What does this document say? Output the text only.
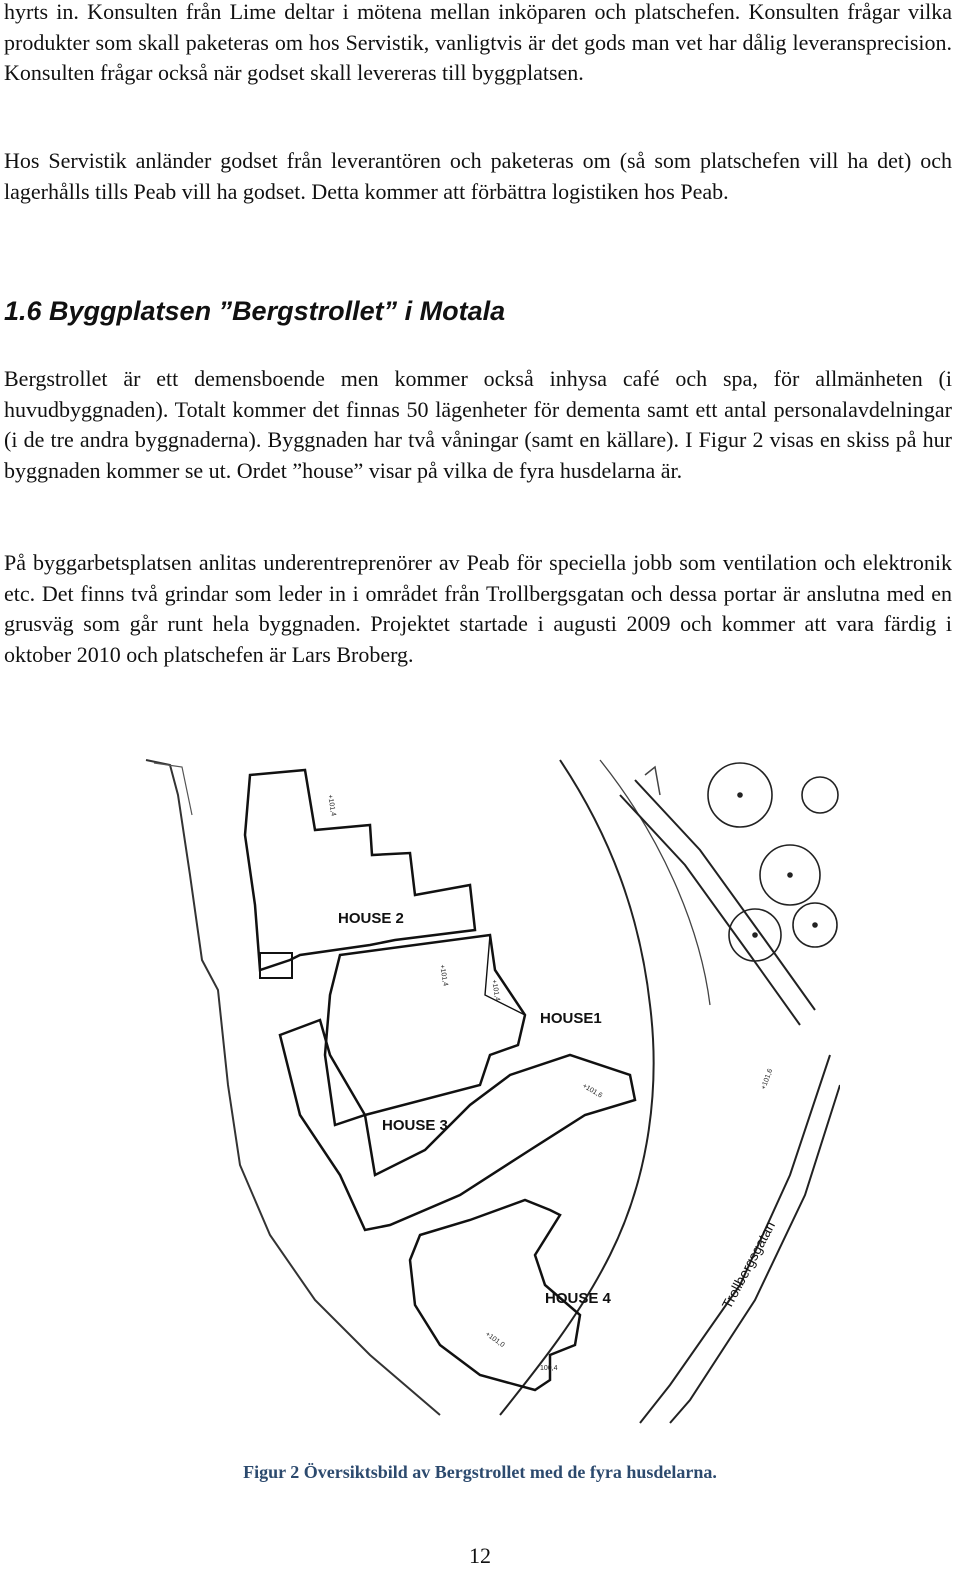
hyrts in. Konsulten från Lime deltar i mötena mellan inköparen och platschefen. Konsulten frågar vilka produkter som skall paketeras om hos Servistik, vanligtvis är det gods man vet har dålig leveransprecision. Konsulten frågar också när godset skall levereras till byggplatsen.

Hos Servistik anländer godset från leverantören och paketeras om (så som platschefen vill ha det) och lagerhålls tills Peab vill ha godset. Detta kommer att förbättra logistiken hos Peab.

1.6 Byggplatsen ”Bergstrollet” i Motala

Bergstrollet är ett demensboende men kommer också inhysa café och spa, för allmänheten (i huvudbyggnaden). Totalt kommer det finnas 50 lägenheter för dementa samt ett antal personalavdelningar (i de tre andra byggnaderna). Byggnaden har två våningar (samt en källare). I Figur 2 visas en skiss på hur byggnaden kommer se ut. Ordet ”house” visar på vilka de fyra husdelarna är.

På byggarbetsplatsen anlitas underentreprenörer av Peab för speciella jobb som ventilation och elektronik etc. Det finns två grindar som leder in i området från Trollbergsgatan och dessa portar är anslutna med en grusväg som går runt hela byggnaden. Projektet startade i augusti 2009 och kommer att vara färdig i oktober 2010 och platschefen är Lars Broberg.

HOUSE 2
HOUSE1
+101,4
HOUSE 3
+101,6
HOUSE 4
+101,0
100,4
+101,6
+101,4
+101,4
Trollbergsgatan

Figur 2 Översiktsbild av Bergstrollet med de fyra husdelarna.

12
